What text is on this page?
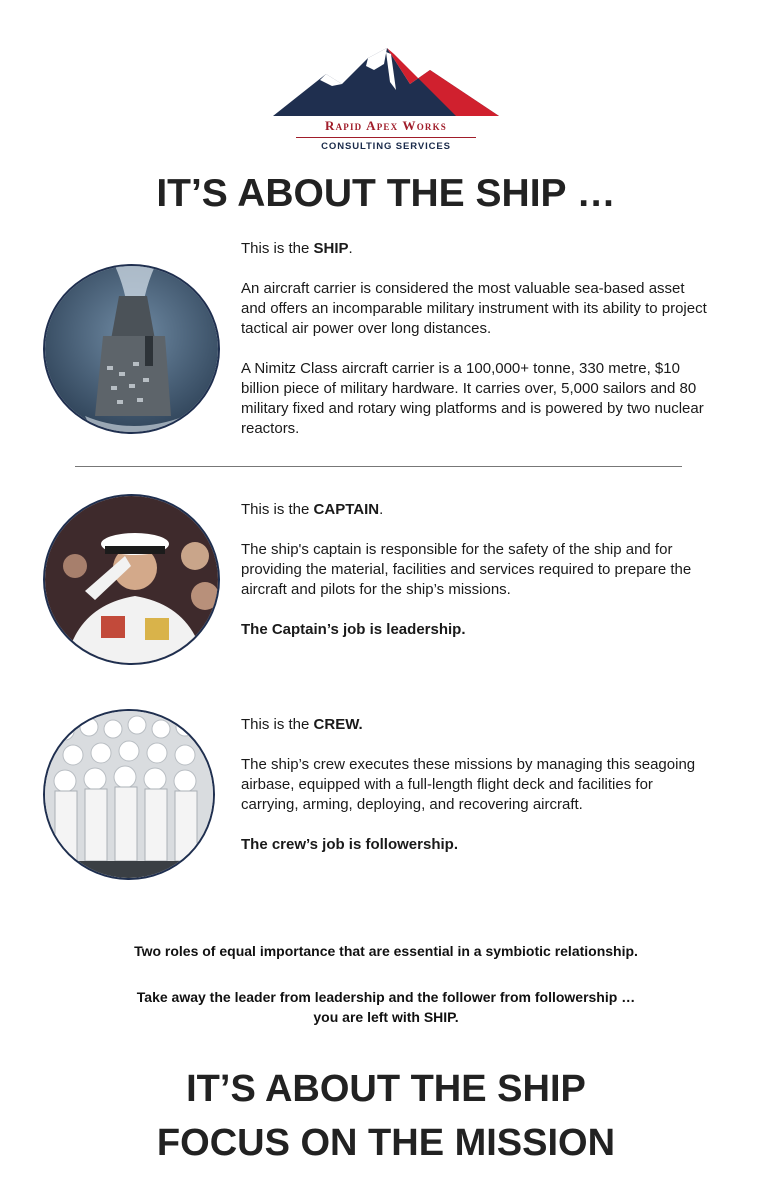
Rapid Apex Works
CONSULTING SERVICES
IT’S ABOUT THE SHIP …

This is the SHIP.

An aircraft carrier is considered the most valuable sea-based asset and offers an incomparable military instrument with its ability to project tactical air power over long distances.

A Nimitz Class aircraft carrier is a 100,000+ tonne, 330 metre, $10 billion piece of military hardware. It carries over, 5,000 sailors and 80 military fixed and rotary wing platforms and is powered by two nuclear reactors.

This is the CAPTAIN.

The ship's captain is responsible for the safety of the ship and for providing the material, facilities and services required to prepare the aircraft and pilots for the ship’s missions.

The Captain’s job is leadership.

This is the CREW.

The ship’s crew executes these missions by managing this seagoing airbase, equipped with a full-length flight deck and facilities for carrying, arming, deploying, and recovering aircraft.

The crew’s job is followership.

Two roles of equal importance that are essential in a symbiotic relationship.
Take away the leader from leadership and the follower from followership …
you are left with SHIP.
IT’S ABOUT THE SHIP
FOCUS ON THE MISSION
